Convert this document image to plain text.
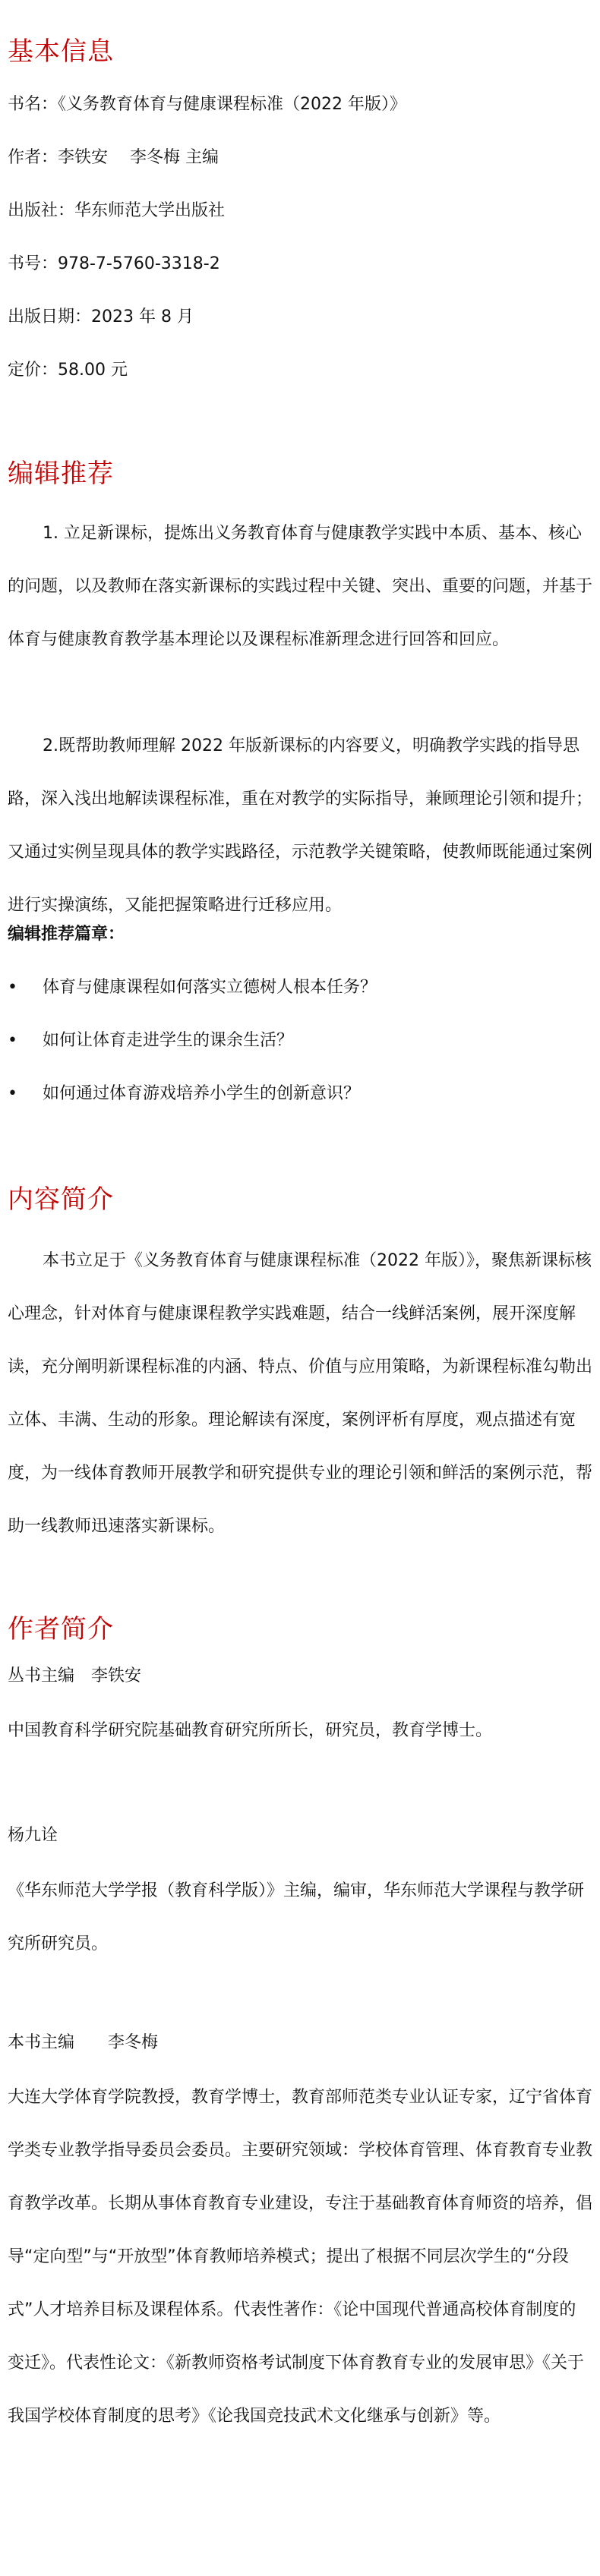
基本信息
书名：《义务教育体育与健康课程标准（2022 年版）》
作者：李铁安　 李冬梅 主编
出版社：华东师范大学出版社
书号：978-7-5760-3318-2
出版日期：2023 年 8 月
定价：58.00 元
编辑推荐
1. 立足新课标，提炼出义务教育体育与健康教学实践中本质、基本、核心的问题，以及教师在落实新课标的实践过程中关键、突出、重要的问题，并基于体育与健康教育教学基本理论以及课程标准新理念进行回答和回应。
2.既帮助教师理解 2022 年版新课标的内容要义，明确教学实践的指导思路，深入浅出地解读课程标准，重在对教学的实际指导，兼顾理论引领和提升；又通过实例呈现具体的教学实践路径，示范教学关键策略，使教师既能通过案例进行实操演练，又能把握策略进行迁移应用。
编辑推荐篇章：
• 体育与健康课程如何落实立德树人根本任务？
• 如何让体育走进学生的课余生活？
• 如何通过体育游戏培养小学生的创新意识？
内容简介
本书立足于《义务教育体育与健康课程标准（2022 年版）》，聚焦新课标核心理念，针对体育与健康课程教学实践难题，结合一线鲜活案例，展开深度解读，充分阐明新课程标准的内涵、特点、价值与应用策略，为新课程标准勾勒出立体、丰满、生动的形象。理论解读有深度，案例评析有厚度，观点描述有宽度，为一线体育教师开展教学和研究提供专业的理论引领和鲜活的案例示范，帮助一线教师迅速落实新课标。
作者简介
丛书主编　李铁安
中国教育科学研究院基础教育研究所所长，研究员，教育学博士。
杨九诠
《华东师范大学学报（教育科学版）》主编，编审，华东师范大学课程与教学研究所研究员。
本书主编　　李冬梅
大连大学体育学院教授，教育学博士，教育部师范类专业认证专家，辽宁省体育学类专业教学指导委员会委员。主要研究领域：学校体育管理、体育教育专业教育教学改革。长期从事体育教育专业建设，专注于基础教育体育师资的培养，倡导“定向型”与“开放型”体育教师培养模式；提出了根据不同层次学生的“分段式”人才培养目标及课程体系。代表性著作：《论中国现代普通高校体育制度的变迁》。代表性论文：《新教师资格考试制度下体育教育专业的发展审思》《关于我国学校体育制度的思考》《论我国竞技武术文化继承与创新》等。
